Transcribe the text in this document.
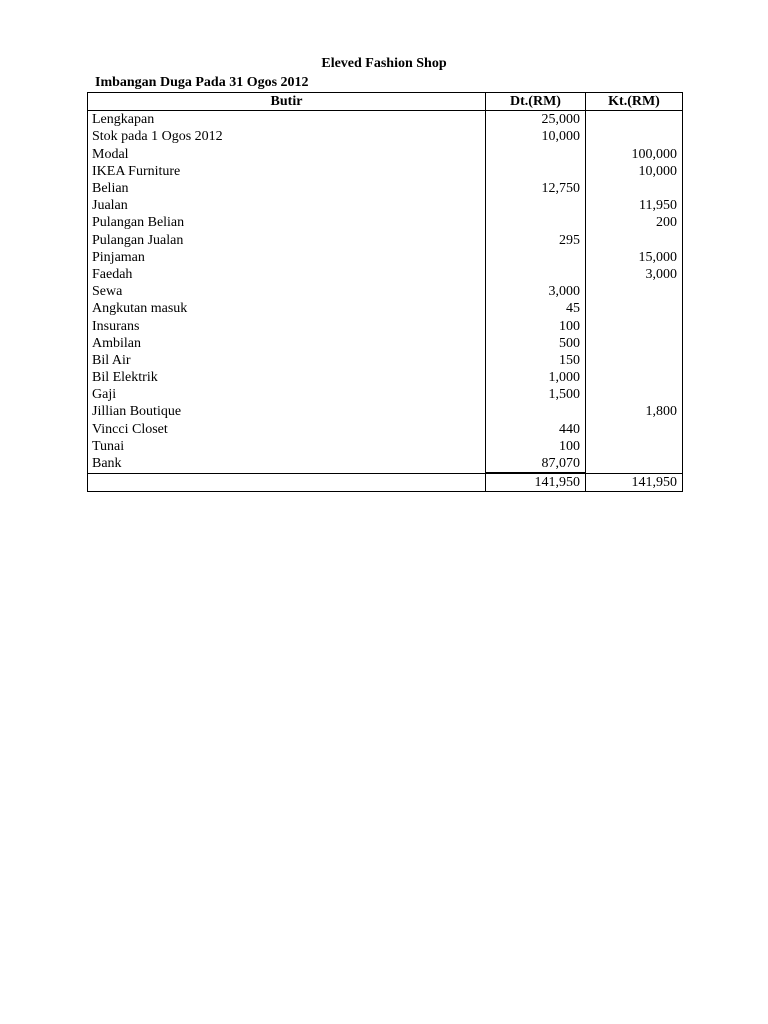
Eleved Fashion Shop
Imbangan Duga Pada 31 Ogos 2012
Butir	Dt.(RM)	Kt.(RM)
Lengkapan	25,000	
Stok pada 1 Ogos 2012	10,000	
Modal		100,000
IKEA Furniture		10,000
Belian	12,750	
Jualan		11,950
Pulangan Belian		200
Pulangan Jualan	295	
Pinjaman		15,000
Faedah		3,000
Sewa	3,000	
Angkutan masuk	45	
Insurans	100	
Ambilan	500	
Bil Air	150	
Bil Elektrik	1,000	
Gaji	1,500	
Jillian Boutique		1,800
Vincci Closet	440	
Tunai	100	
Bank	87,070	
	141,950	141,950
